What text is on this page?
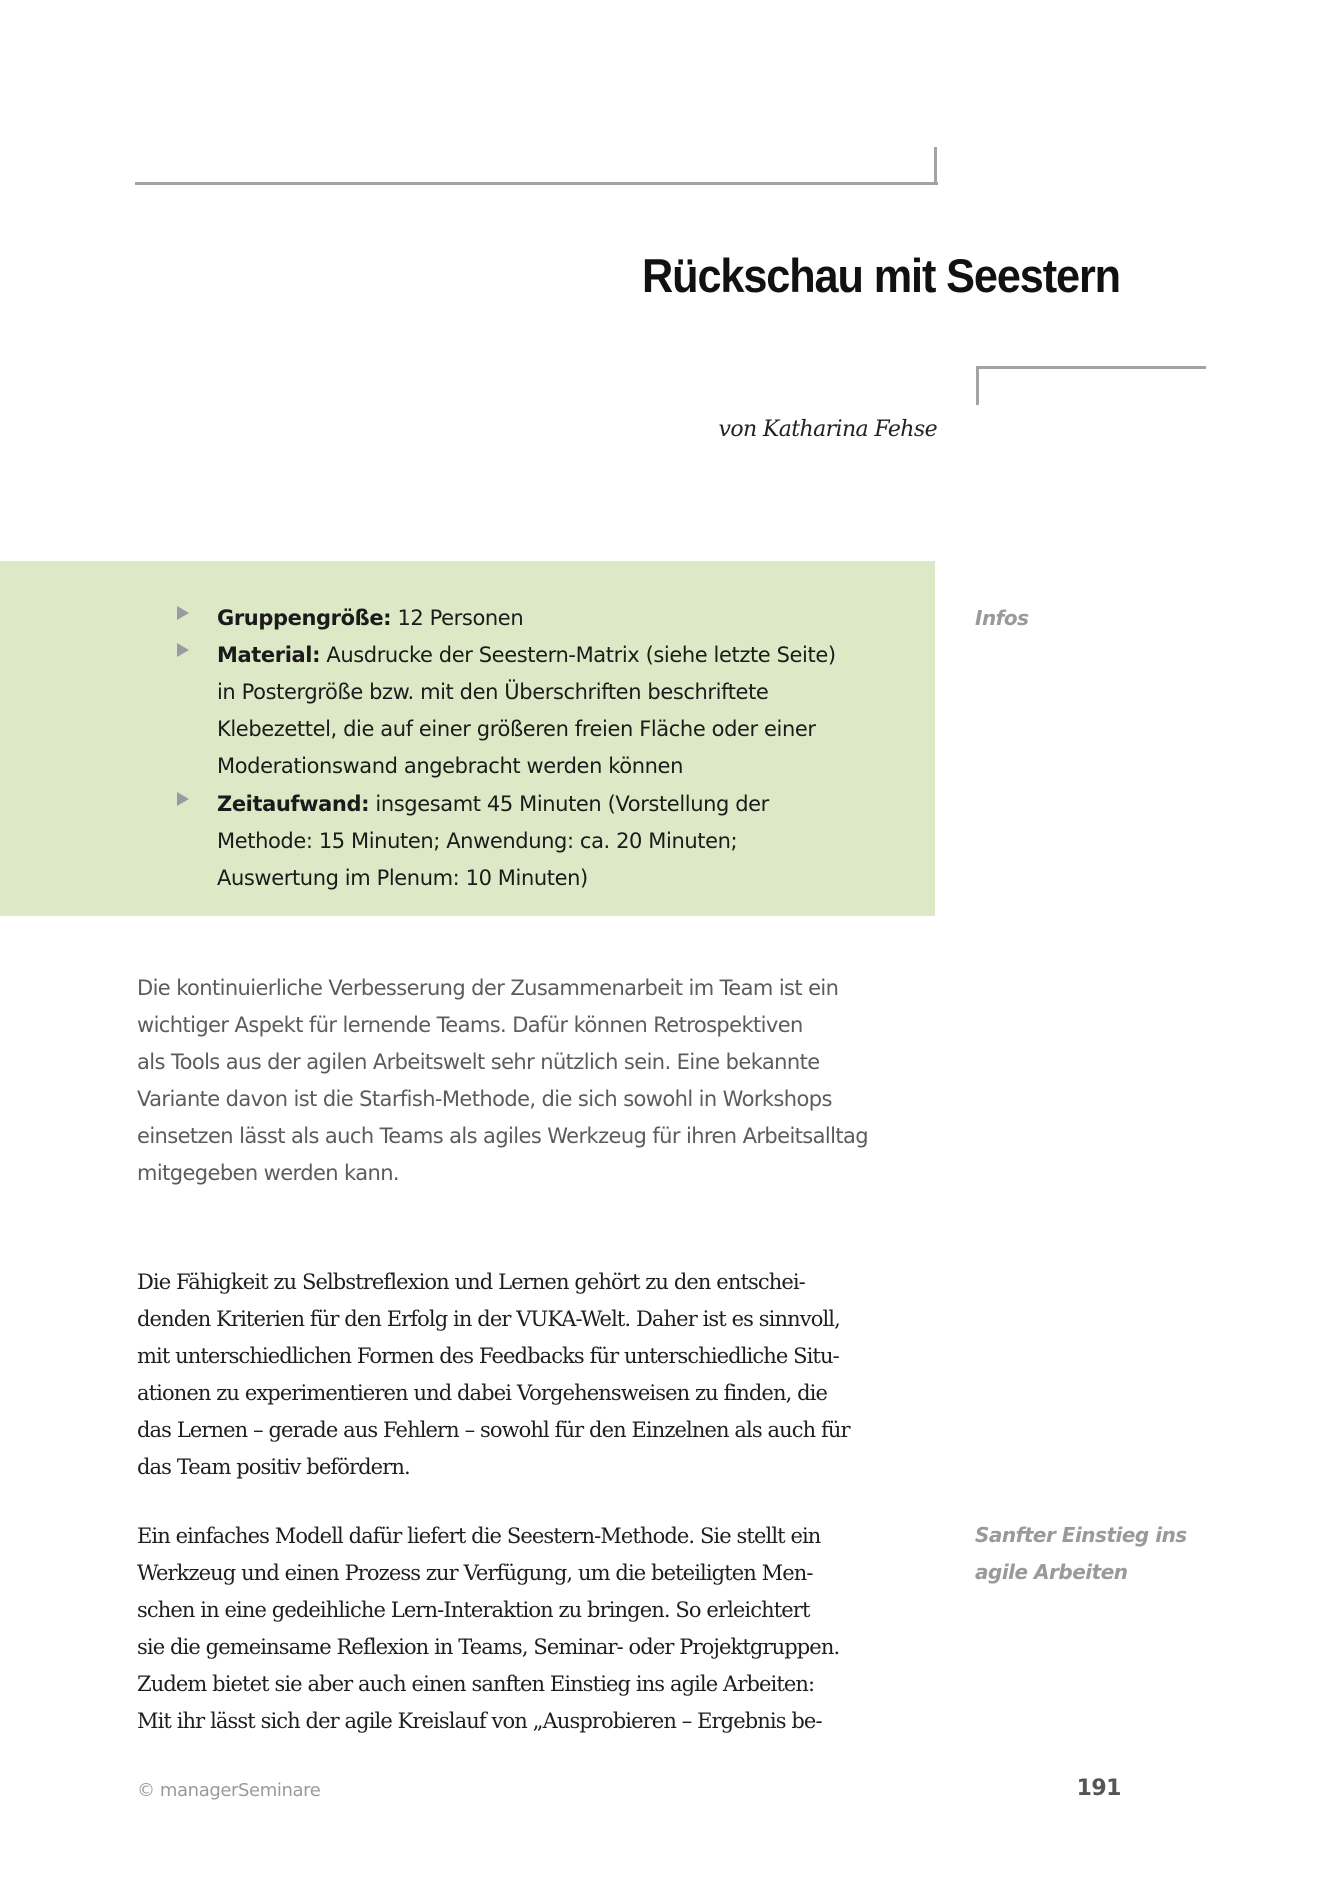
Rückschau mit Seestern
von Katharina Fehse
Infos
Gruppengröße: 12 Personen
Material: Ausdrucke der Seestern-Matrix (siehe letzte Seite)
in Postergröße bzw. mit den Überschriften beschriftete
Klebezettel, die auf einer größeren freien Fläche oder einer
Moderationswand angebracht werden können
Zeitaufwand: insgesamt 45 Minuten (Vorstellung der
Methode: 15 Minuten; Anwendung: ca. 20 Minuten;
Auswertung im Plenum: 10 Minuten)
Die kontinuierliche Verbesserung der Zusammenarbeit im Team ist ein
wichtiger Aspekt für lernende Teams. Dafür können Retrospektiven
als Tools aus der agilen Arbeitswelt sehr nützlich sein. Eine bekannte
Variante davon ist die Starfish-Methode, die sich sowohl in Workshops
einsetzen lässt als auch Teams als agiles Werkzeug für ihren Arbeitsalltag
mitgegeben werden kann.
Die Fähigkeit zu Selbstreflexion und Lernen gehört zu den entschei-
denden Kriterien für den Erfolg in der VUKA-Welt. Daher ist es sinnvoll,
mit unterschiedlichen Formen des Feedbacks für unterschiedliche Situ-
ationen zu experimentieren und dabei Vorgehensweisen zu finden, die
das Lernen – gerade aus Fehlern – sowohl für den Einzelnen als auch für
das Team positiv befördern.
Sanfter Einstieg ins
agile Arbeiten
Ein einfaches Modell dafür liefert die Seestern-Methode. Sie stellt ein
Werkzeug und einen Prozess zur Verfügung, um die beteiligten Men-
schen in eine gedeihliche Lern-Interaktion zu bringen. So erleichtert
sie die gemeinsame Reflexion in Teams, Seminar- oder Projektgruppen.
Zudem bietet sie aber auch einen sanften Einstieg ins agile Arbeiten:
Mit ihr lässt sich der agile Kreislauf von „Ausprobieren – Ergebnis be-
© managerSeminare	191
